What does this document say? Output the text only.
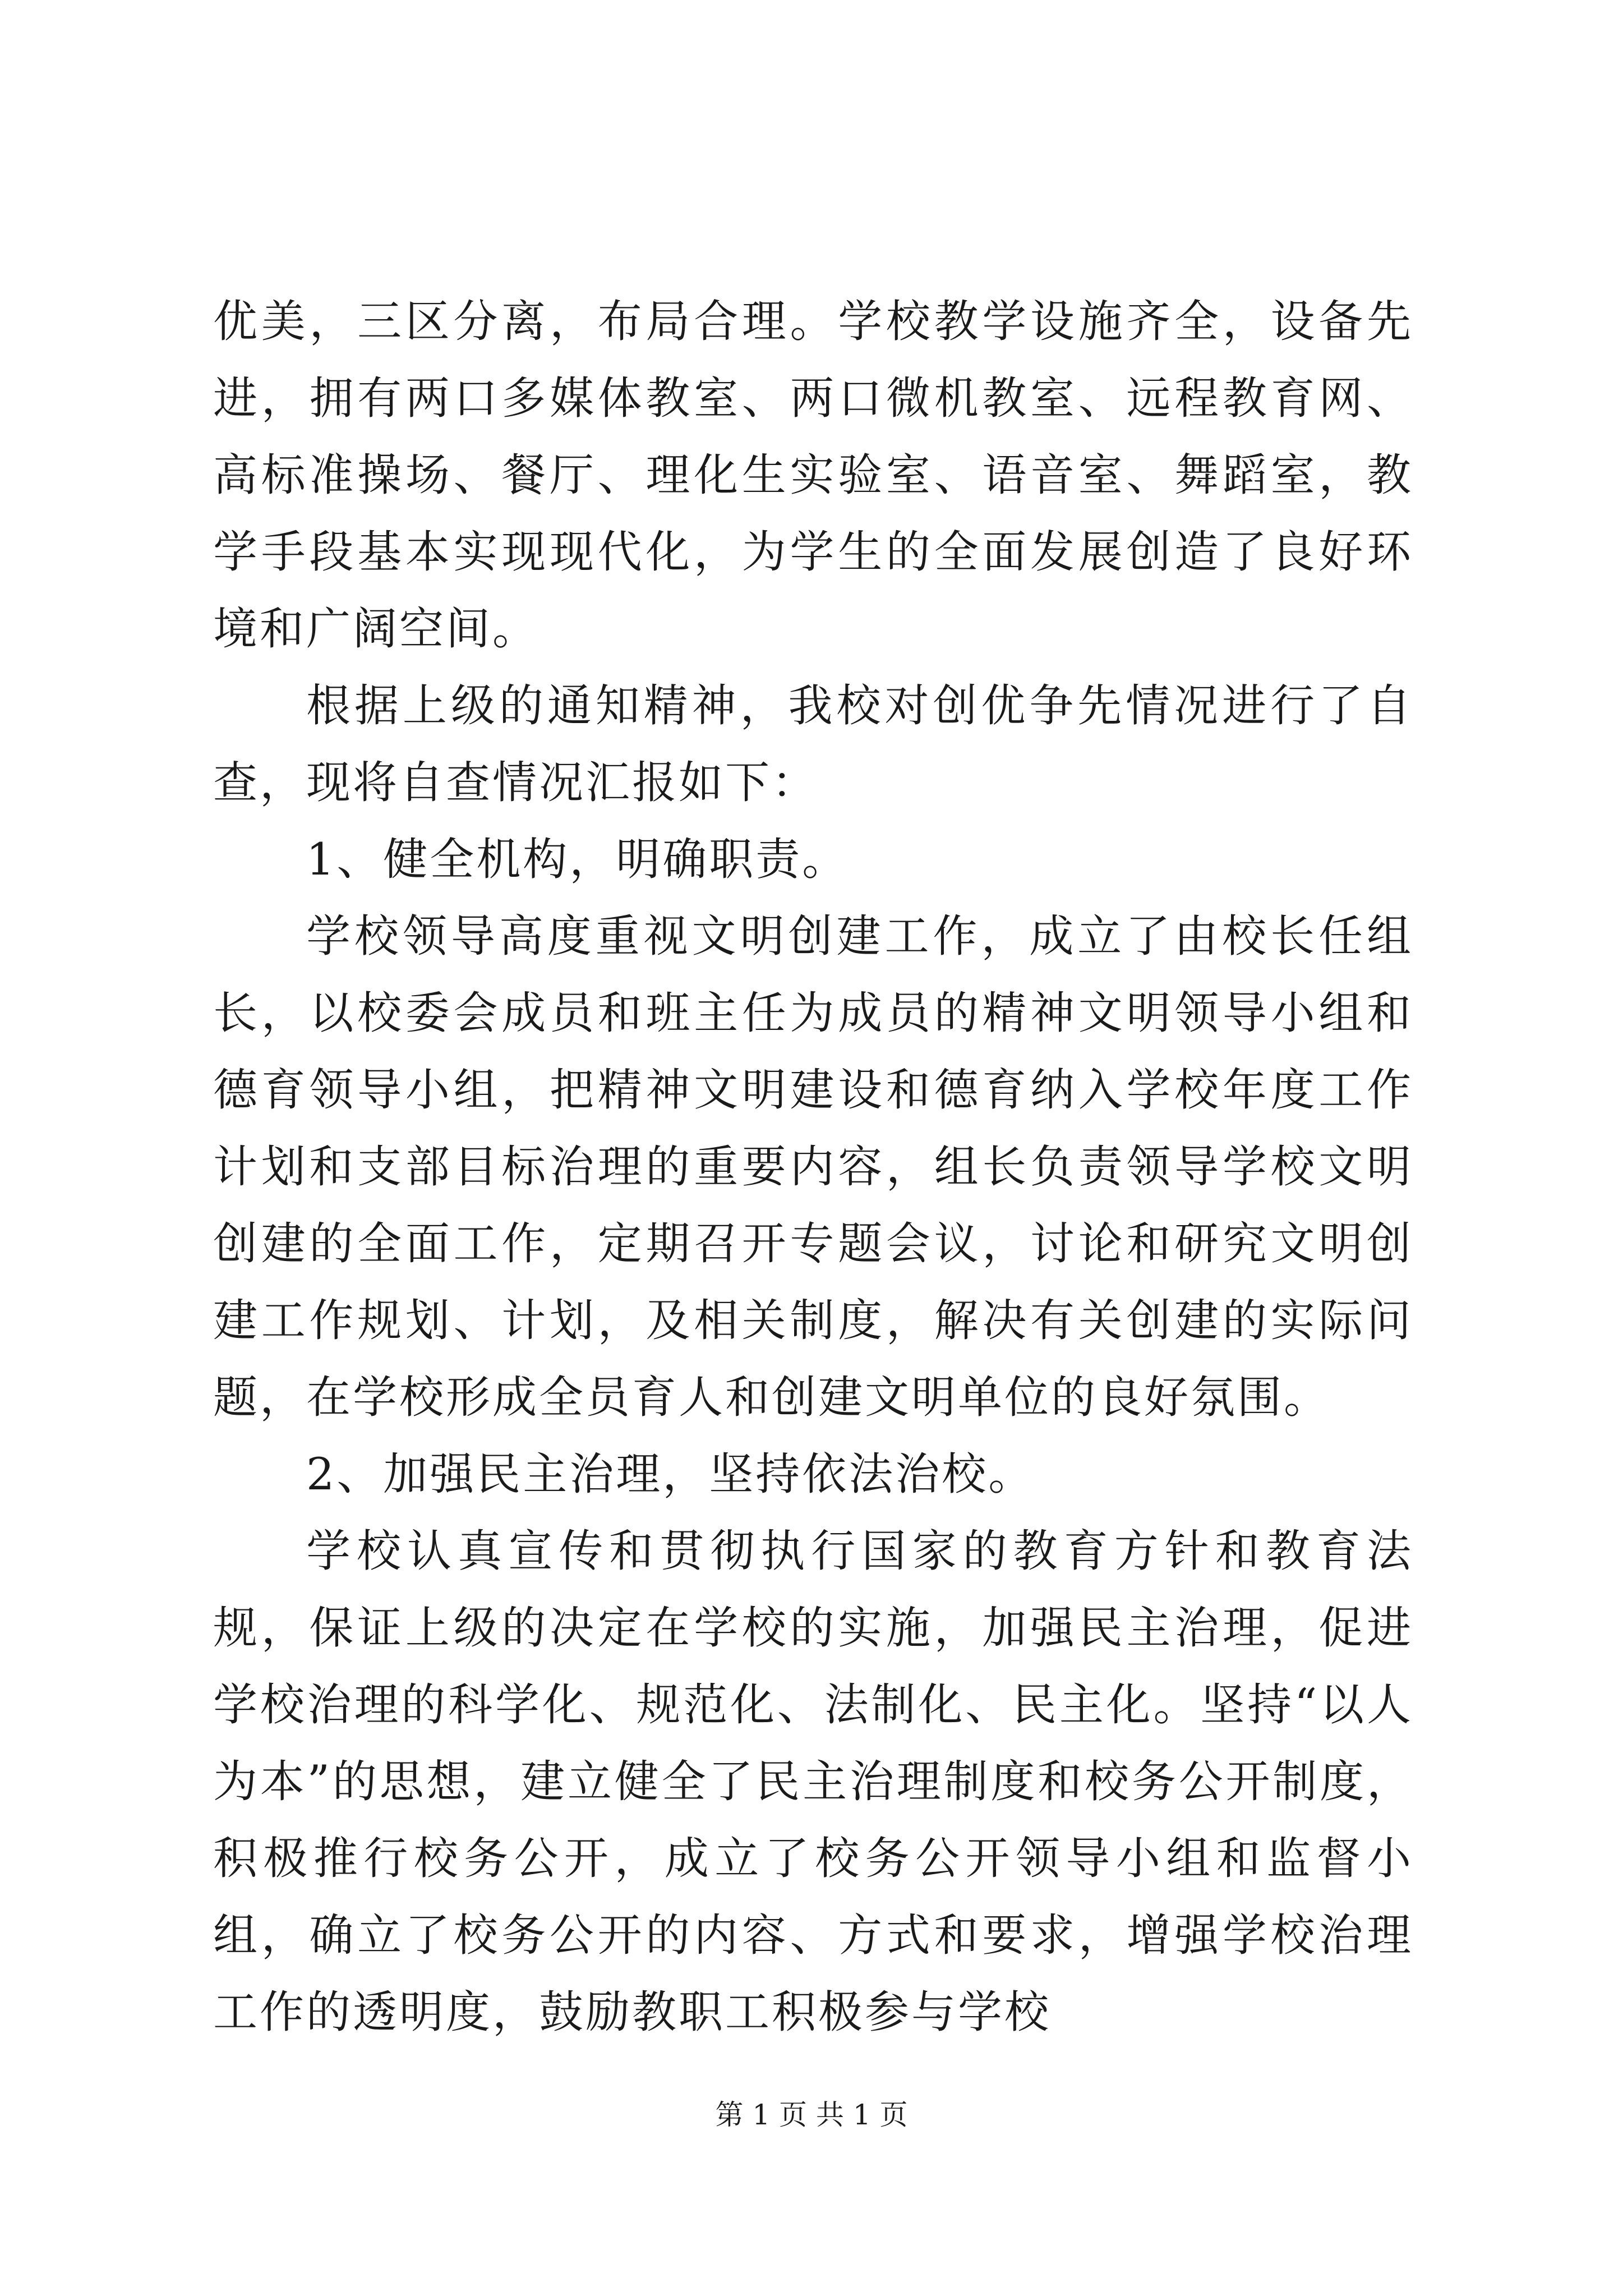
优美，三区分离，布局合理。学校教学设施齐全，设备先进，拥有两口多媒体教室、两口微机教室、远程教育网、高标准操场、餐厅、理化生实验室、语音室、舞蹈室，教学手段基本实现现代化，为学生的全面发展创造了良好环境和广阔空间。

根据上级的通知精神，我校对创优争先情况进行了自查，现将自查情况汇报如下：

1、健全机构，明确职责。

学校领导高度重视文明创建工作，成立了由校长任组长，以校委会成员和班主任为成员的精神文明领导小组和德育领导小组，把精神文明建设和德育纳入学校年度工作计划和支部目标治理的重要内容，组长负责领导学校文明创建的全面工作，定期召开专题会议，讨论和研究文明创建工作规划、计划，及相关制度，解决有关创建的实际问题，在学校形成全员育人和创建文明单位的良好氛围。

2、加强民主治理，坚持依法治校。

学校认真宣传和贯彻执行国家的教育方针和教育法规，保证上级的决定在学校的实施，加强民主治理，促进学校治理的科学化、规范化、法制化、民主化。坚持“以人为本”的思想，建立健全了民主治理制度和校务公开制度，积极推行校务公开，成立了校务公开领导小组和监督小组，确立了校务公开的内容、方式和要求，增强学校治理工作的透明度，鼓励教职工积极参与学校

第 1 页 共 1 页
